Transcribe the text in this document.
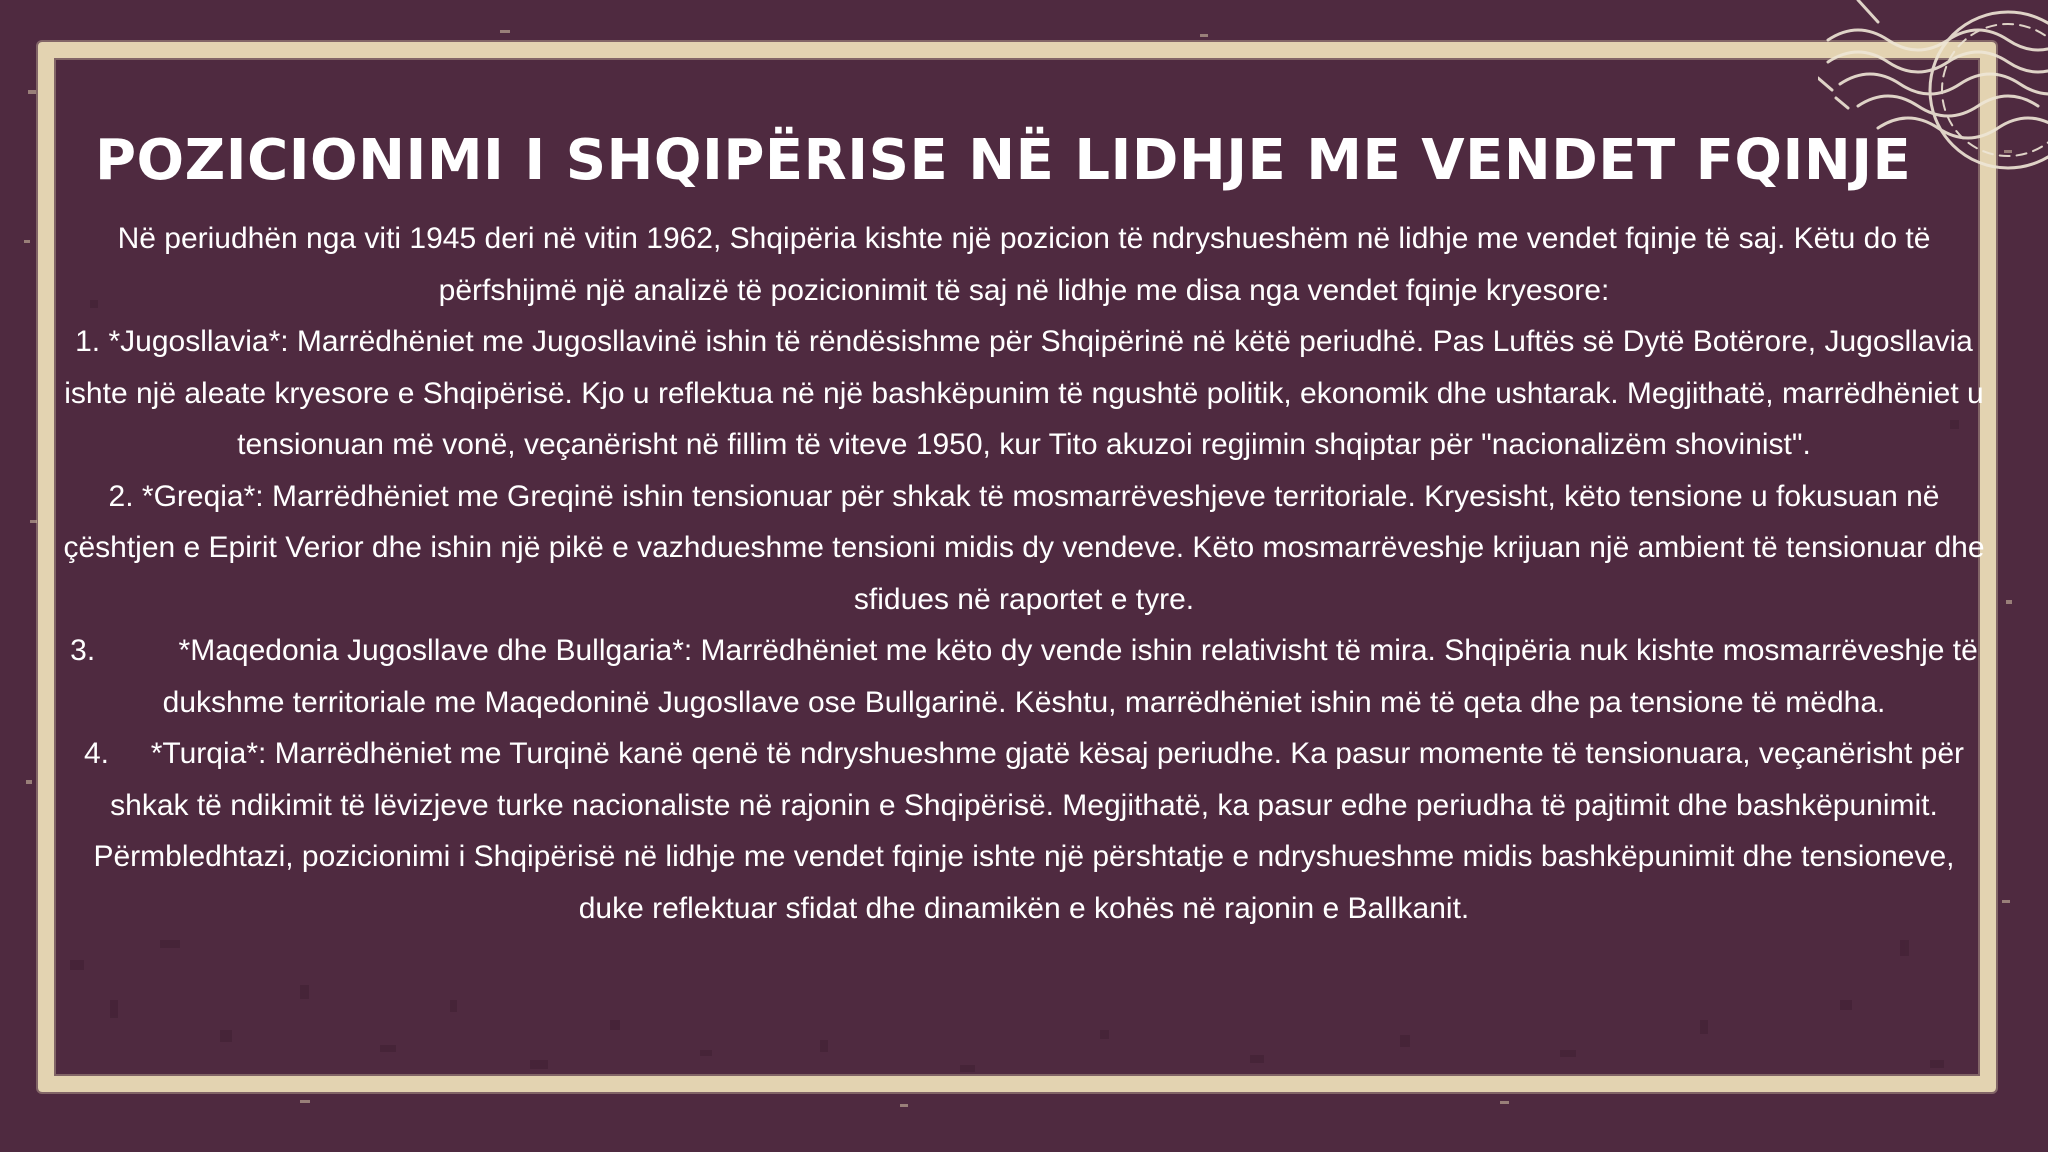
POZICIONIMI I SHQIPËRISE NË LIDHJE ME VENDET FQINJE

Në periudhën nga viti 1945 deri në vitin 1962, Shqipëria kishte një pozicion të ndryshueshëm në lidhje me vendet fqinje të saj. Këtu do të përfshijmë një analizë të pozicionimit të saj në lidhje me disa nga vendet fqinje kryesore:

1. *Jugosllavia*: Marrëdhëniet me Jugosllavinë ishin të rëndësishme për Shqipërinë në këtë periudhë. Pas Luftës së Dytë Botërore, Jugosllavia ishte një aleate kryesore e Shqipërisë. Kjo u reflektua në një bashkëpunim të ngushtë politik, ekonomik dhe ushtarak. Megjithatë, marrëdhëniet u tensionuan më vonë, veçanërisht në fillim të viteve 1950, kur Tito akuzoi regjimin shqiptar për "nacionalizëm shovinist".

2. *Greqia*: Marrëdhëniet me Greqinë ishin tensionuar për shkak të mosmarrëveshjeve territoriale. Kryesisht, këto tensione u fokusuan në çështjen e Epirit Verior dhe ishin një pikë e vazhdueshme tensioni midis dy vendeve. Këto mosmarrëveshje krijuan një ambient të tensionuar dhe sfidues në raportet e tyre.

3.	*Maqedonia Jugosllave dhe Bullgaria*: Marrëdhëniet me këto dy vende ishin relativisht të mira. Shqipëria nuk kishte mosmarrëveshje të dukshme territoriale me Maqedoninë Jugosllave ose Bullgarinë. Kështu, marrëdhëniet ishin më të qeta dhe pa tensione të mëdha.

4. *Turqia*: Marrëdhëniet me Turqinë kanë qenë të ndryshueshme gjatë kësaj periudhe. Ka pasur momente të tensionuara, veçanërisht për shkak të ndikimit të lëvizjeve turke nacionaliste në rajonin e Shqipërisë. Megjithatë, ka pasur edhe periudha të pajtimit dhe bashkëpunimit.

Përmbledhtazi, pozicionimi i Shqipërisë në lidhje me vendet fqinje ishte një përshtatje e ndryshueshme midis bashkëpunimit dhe tensioneve, duke reflektuar sfidat dhe dinamikën e kohës në rajonin e Ballkanit.
